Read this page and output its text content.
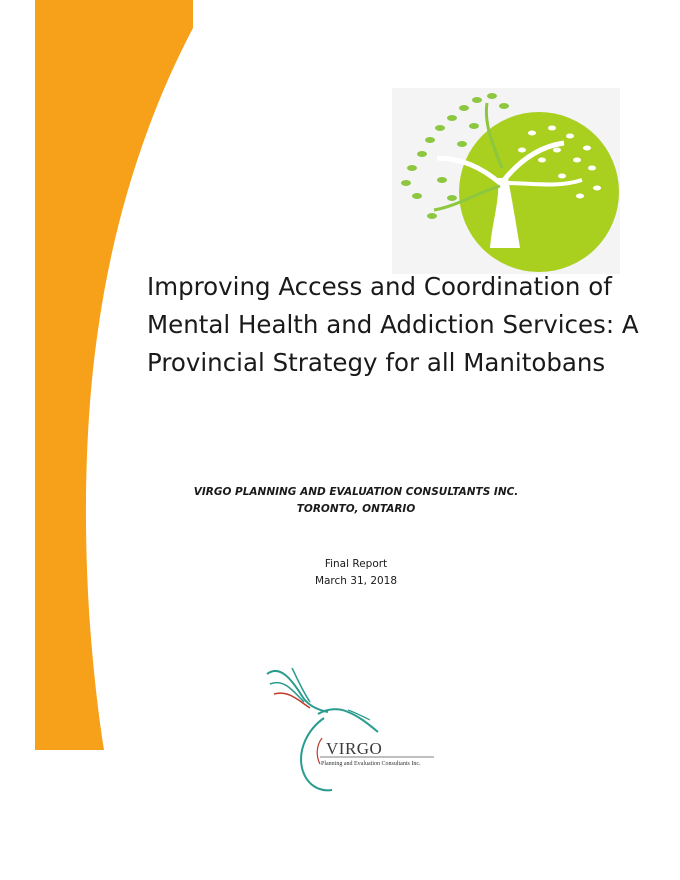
Improving Access and Coordination of Mental Health and Addiction Services: A Provincial Strategy for all Manitobans
VIRGO PLANNING AND EVALUATION CONSULTANTS INC.
TORONTO, ONTARIO
Final Report
March 31, 2018
VIRGO
Planning and Evaluation Consultants Inc.
